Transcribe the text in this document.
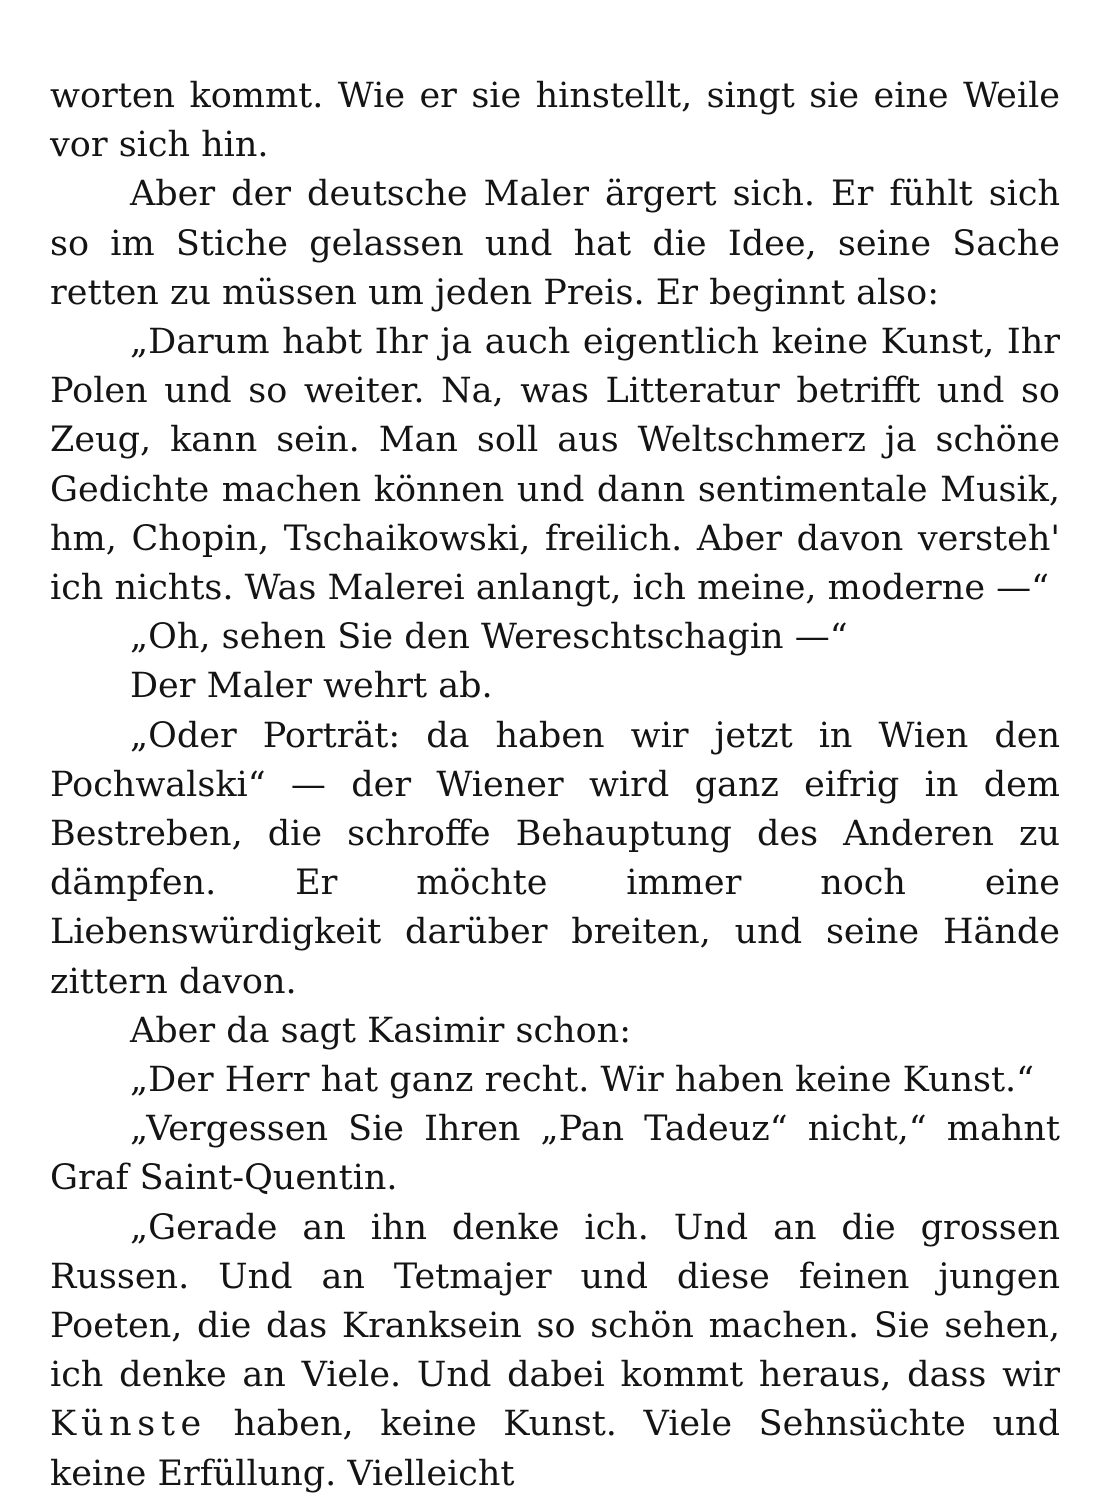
worten kommt. Wie er sie hinstellt, singt sie eine Weile vor sich hin.

Aber der deutsche Maler ärgert sich. Er fühlt sich so im Stiche gelassen und hat die Idee, seine Sache retten zu müssen um jeden Preis. Er beginnt also:

„Darum habt Ihr ja auch eigentlich keine Kunst, Ihr Polen und so weiter. Na, was Litteratur betrifft und so Zeug, kann sein. Man soll aus Weltschmerz ja schöne Gedichte machen können und dann sentimentale Musik, hm, Chopin, Tschaikowski, freilich. Aber davon versteh' ich nichts. Was Malerei anlangt, ich meine, moderne —“

„Oh, sehen Sie den Wereschtschagin —“

Der Maler wehrt ab.

„Oder Porträt: da haben wir jetzt in Wien den Pochwalski“ — der Wiener wird ganz eifrig in dem Bestreben, die schroffe Behauptung des Anderen zu dämpfen. Er möchte immer noch eine Liebenswürdigkeit darüber breiten, und seine Hände zittern davon.

Aber da sagt Kasimir schon:

„Der Herr hat ganz recht. Wir haben keine Kunst.“

„Vergessen Sie Ihren „Pan Tadeuz“ nicht,“ mahnt Graf Saint-Quentin.

„Gerade an ihn denke ich. Und an die grossen Russen. Und an Tetmajer und diese feinen jungen Poeten, die das Kranksein so schön machen. Sie sehen, ich denke an Viele. Und dabei kommt heraus, dass wir Künste haben, keine Kunst. Viele Sehnsüchte und keine Erfüllung. Vielleicht
